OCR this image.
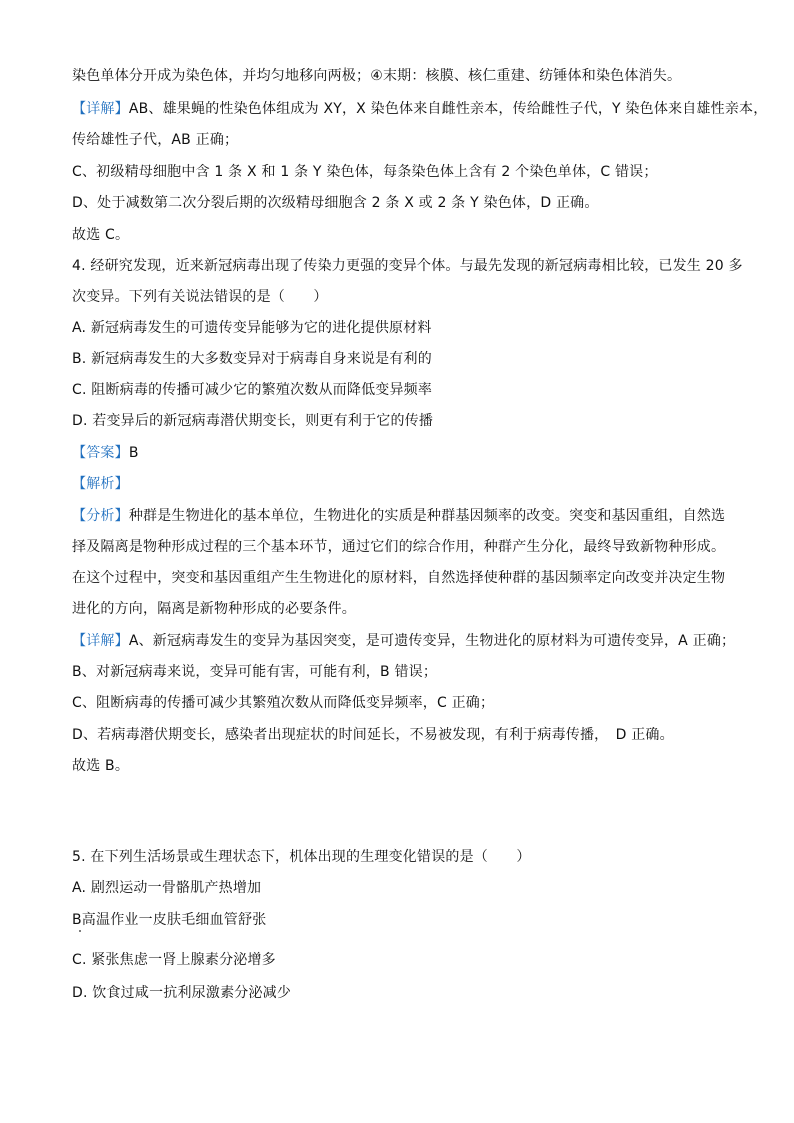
染色单体分开成为染色体，并均匀地移向两极；④末期：核膜、核仁重建、纺锤体和染色体消失。
【详解】AB、雄果蝇的性染色体组成为 XY，X 染色体来自雌性亲本，传给雌性子代，Y 染色体来自雄性亲本，
传给雄性子代，AB 正确；
C、初级精母细胞中含 1 条 X 和 1 条 Y 染色体，每条染色体上含有 2 个染色单体，C 错误；
D、处于减数第二次分裂后期的次级精母细胞含 2 条 X 或 2 条 Y 染色体，D 正确。
故选 C。
4. 经研究发现，近来新冠病毒出现了传染力更强的变异个体。与最先发现的新冠病毒相比较，已发生 20 多
次变异。下列有关说法错误的是（　　）
A. 新冠病毒发生的可遗传变异能够为它的进化提供原材料
B. 新冠病毒发生的大多数变异对于病毒自身来说是有利的
C. 阻断病毒的传播可减少它的繁殖次数从而降低变异频率
D. 若变异后的新冠病毒潜伏期变长，则更有利于它的传播
【答案】B
【解析】
【分析】种群是生物进化的基本单位，生物进化的实质是种群基因频率的改变。突变和基因重组，自然选
择及隔离是物种形成过程的三个基本环节，通过它们的综合作用，种群产生分化，最终导致新物种形成。
在这个过程中，突变和基因重组产生生物进化的原材料，自然选择使种群的基因频率定向改变并决定生物
进化的方向，隔离是新物种形成的必要条件。
【详解】A、新冠病毒发生的变异为基因突变，是可遗传变异，生物进化的原材料为可遗传变异，A 正确；
B、对新冠病毒来说，变异可能有害，可能有利，B 错误；
C、阻断病毒的传播可减少其繁殖次数从而降低变异频率，C 正确；
D、若病毒潜伏期变长，感染者出现症状的时间延长，不易被发现，有利于病毒传播，　D 正确。
故选 B。
5. 在下列生活场景或生理状态下，机体出现的生理变化错误的是（　　）
A. 剧烈运动一骨骼肌产热增加
B高温作业一皮肤毛细血管舒张
C. 紧张焦虑一肾上腺素分泌增多
D. 饮食过咸一抗利尿激素分泌减少
